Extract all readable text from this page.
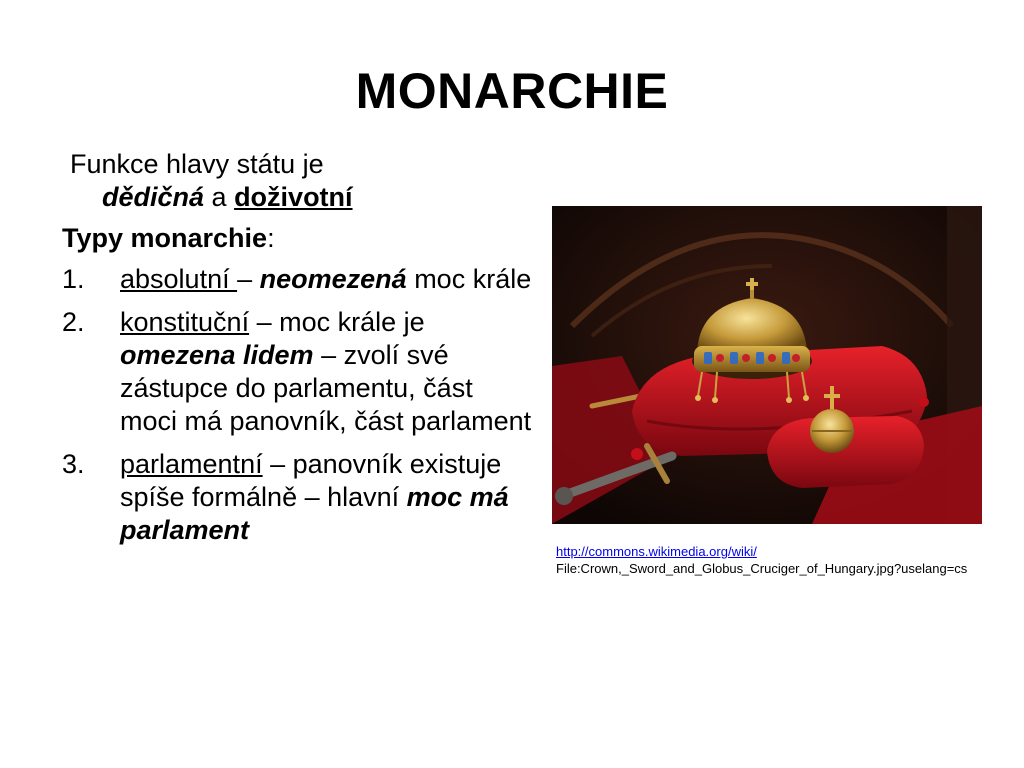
MONARCHIE
Funkce hlavy státu je
dědičná a doživotní
Typy monarchie:
1. absolutní – neomezená moc krále
2. konstituční – moc krále je omezena lidem – zvolí své zástupce do parlamentu, část moci má panovník, část parlament
3. parlamentní – panovník existuje spíše formálně – hlavní moc má parlament
http://commons.wikimedia.org/wiki/
File:Crown,_Sword_and_Globus_Cruciger_of_Hungary.jpg?uselang=cs
